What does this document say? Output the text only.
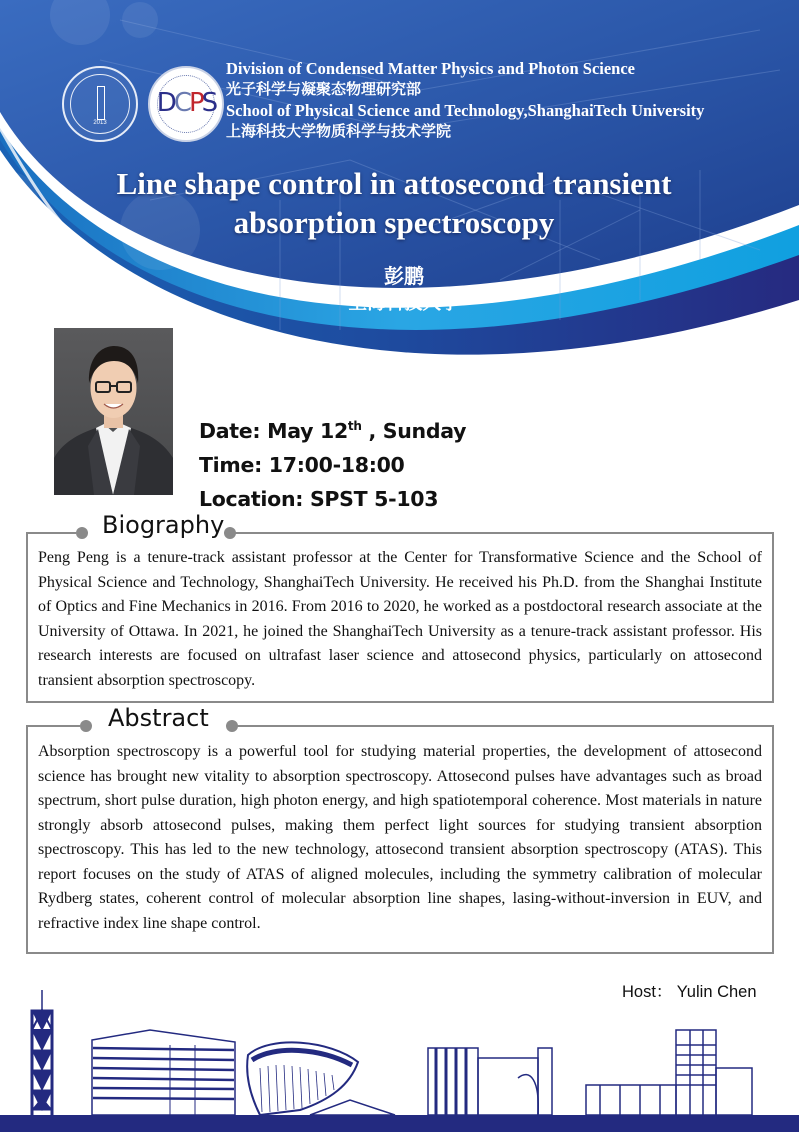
2013
DCPS
Division of Condensed Matter Physics and Photon Science
光子科学与凝聚态物理研究部
School of Physical Science and Technology,ShanghaiTech University
上海科技大学物质科学与技术学院
Line shape control in attosecond transient
absorption spectroscopy
彭鹏
上海科技大学
Date: May 12th , Sunday
Time: 17:00-18:00
Location: SPST 5-103
Biography
Peng Peng is a tenure-track assistant professor at the Center for Transformative Science and the School of Physical Science and Technology, ShanghaiTech University. He received his Ph.D. from the Shanghai Institute of Optics and Fine Mechanics in 2016. From 2016 to 2020, he worked as a postdoctoral research associate at the University of Ottawa. In 2021, he joined the ShanghaiTech University as a tenure-track assistant professor. His research interests are focused on ultrafast laser science and attosecond physics, particularly on attosecond transient absorption spectroscopy.
Abstract
Absorption spectroscopy is a powerful tool for studying material properties, the development of attosecond science has brought new vitality to absorption spectroscopy. Attosecond pulses have advantages such as broad spectrum, short pulse duration, high photon energy, and high spatiotemporal coherence. Most materials in nature strongly absorb attosecond pulses, making them perfect light sources for studying transient absorption spectroscopy. This has led to the new technology, attosecond transient absorption spectroscopy (ATAS). This report focuses on the study of ATAS of aligned molecules, including the symmetry calibration of molecular Rydberg states, coherent control of molecular absorption line shapes, lasing-without-inversion in EUV, and refractive index line shape control.
Host： Yulin Chen
